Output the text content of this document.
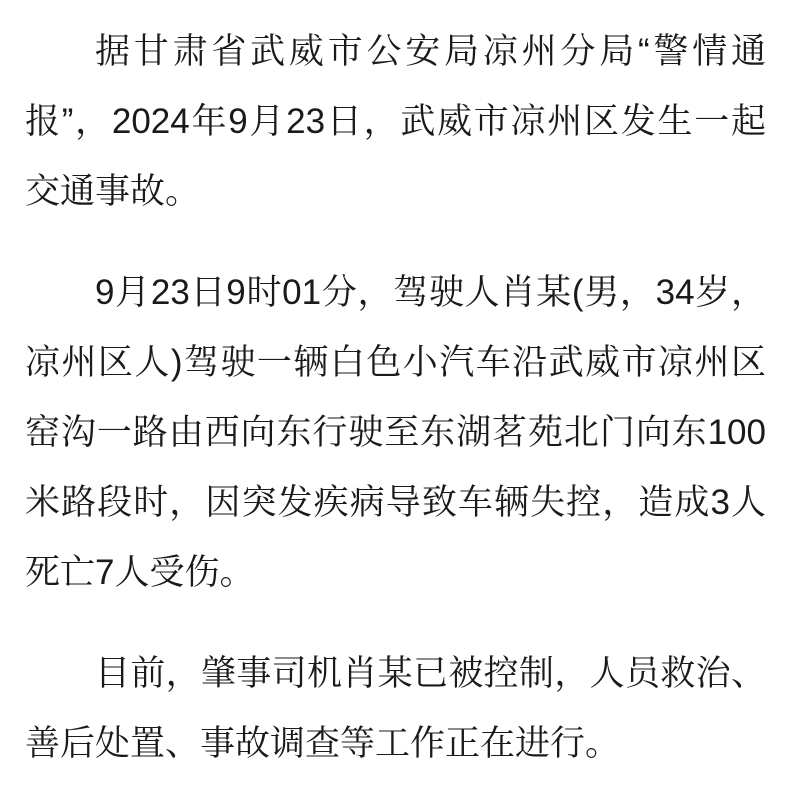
据甘肃省武威市公安局凉州分局“警情通报”，2024年9月23日，武威市凉州区发生一起交通事故。

9月23日9时01分，驾驶人肖某(男，34岁，凉州区人)驾驶一辆白色小汽车沿武威市凉州区窑沟一路由西向东行驶至东湖茗苑北门向东100米路段时，因突发疾病导致车辆失控，造成3人死亡7人受伤。

目前，肇事司机肖某已被控制，人员救治、善后处置、事故调查等工作正在进行。
